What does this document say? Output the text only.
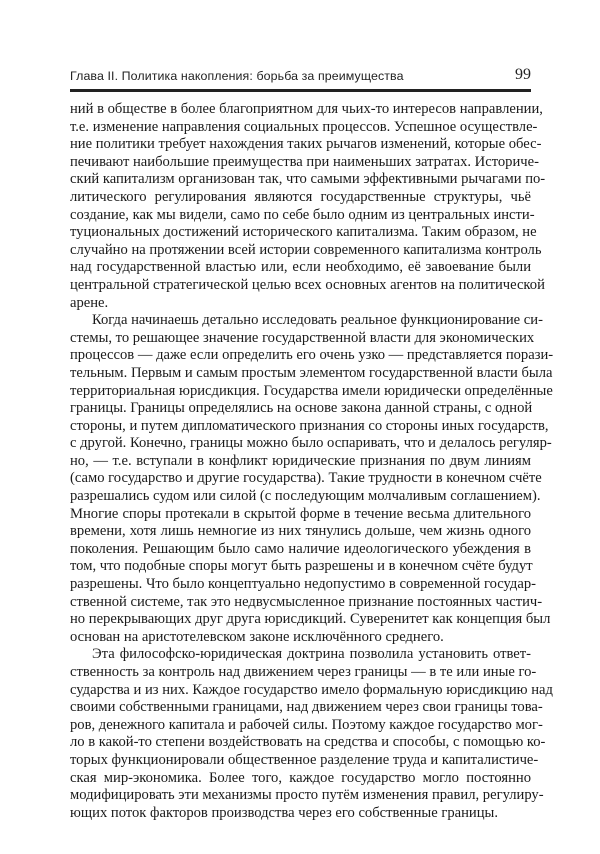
Глава II. Политика накопления: борьба за преимущества	99
ний в обществе в более благоприятном для чьих-то интересов направлении,
т.е. изменение направления социальных процессов. Успешное осуществле-
ние политики требует нахождения таких рычагов изменений, которые обес-
печивают наибольшие преимущества при наименьших затратах. Историче-
ский капитализм организован так, что самыми эффективными рычагами по-
литического регулирования являются государственные структуры, чьё
создание, как мы видели, само по себе было одним из центральных инсти-
туциональных достижений исторического капитализма. Таким образом, не
случайно на протяжении всей истории современного капитализма контроль
над государственной властью или, если необходимо, её завоевание были
центральной стратегической целью всех основных агентов на политической
арене.
Когда начинаешь детально исследовать реальное функционирование си-
стемы, то решающее значение государственной власти для экономических
процессов — даже если определить его очень узко — представляется порази-
тельным. Первым и самым простым элементом государственной власти была
территориальная юрисдикция. Государства имели юридически определённые
границы. Границы определялись на основе закона данной страны, с одной
стороны, и путем дипломатического признания со стороны иных государств,
с другой. Конечно, границы можно было оспаривать, что и делалось регуляр-
но, — т.е. вступали в конфликт юридические признания по двум линиям
(само государство и другие государства). Такие трудности в конечном счёте
разрешались судом или силой (с последующим молчаливым соглашением).
Многие споры протекали в скрытой форме в течение весьма длительного
времени, хотя лишь немногие из них тянулись дольше, чем жизнь одного
поколения. Решающим было само наличие идеологического убеждения в
том, что подобные споры могут быть разрешены и в конечном счёте будут
разрешены. Что было концептуально недопустимо в современной государ-
ственной системе, так это недвусмысленное признание постоянных частич-
но перекрывающих друг друга юрисдикций. Суверенитет как концепция был
основан на аристотелевском законе исключённого среднего.
Эта философско-юридическая доктрина позволила установить ответ-
ственность за контроль над движением через границы — в те или иные го-
сударства и из них. Каждое государство имело формальную юрисдикцию над
своими собственными границами, над движением через свои границы това-
ров, денежного капитала и рабочей силы. Поэтому каждое государство мог-
ло в какой-то степени воздействовать на средства и способы, с помощью ко-
торых функционировали общественное разделение труда и капиталистиче-
ская мир-экономика. Более того, каждое государство могло постоянно
модифицировать эти механизмы просто путём изменения правил, регулиру-
ющих поток факторов производства через его собственные границы.
